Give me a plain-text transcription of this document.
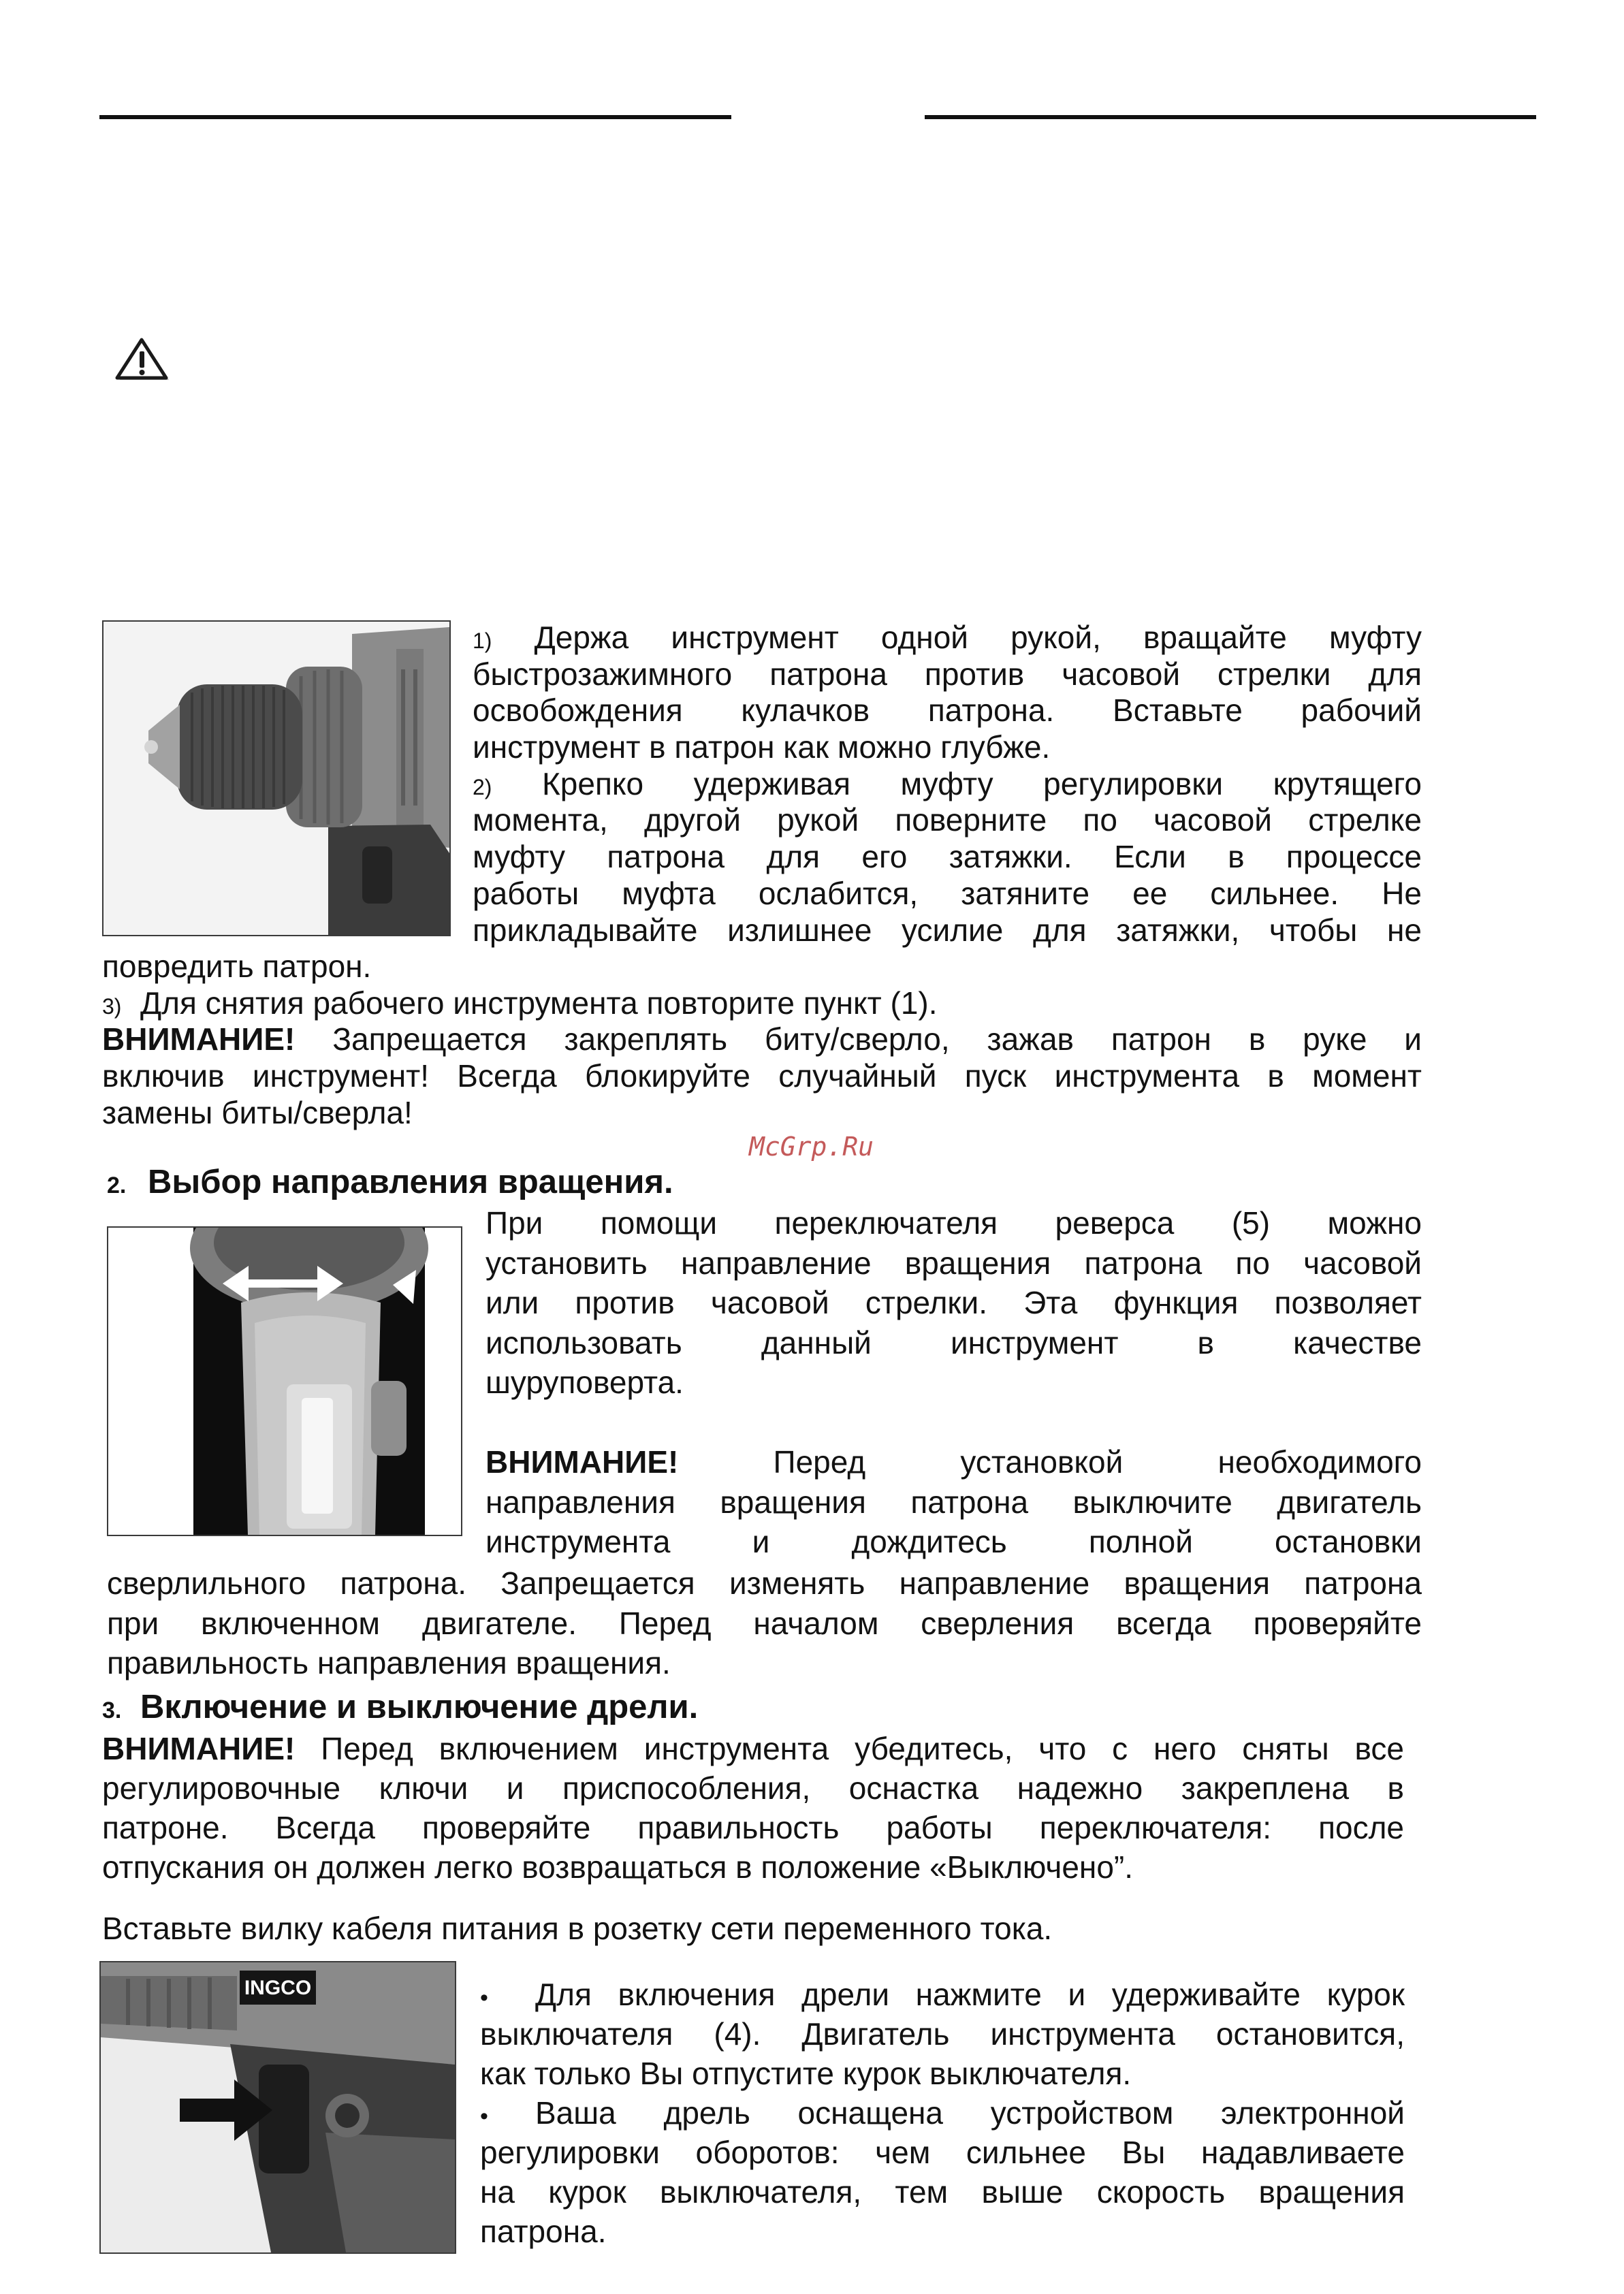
1) Держа инструмент одной рукой, вращайте муфту
быстрозажимного патрона против часовой стрелки для
освобождения кулачков патрона. Вставьте рабочий
инструмент в патрон как можно глубже.
2) Крепко удерживая муфту регулировки крутящего
момента, другой рукой поверните по часовой стрелке
муфту патрона для его затяжки. Если в процессе
работы муфта ослабится, затяните ее сильнее. Не
прикладывайте излишнее усилие для затяжки, чтобы не
повредить патрон.
3) Для снятия рабочего инструмента повторите пункт (1).
ВНИМАНИЕ! Запрещается закреплять биту/сверло, зажав патрон в руке и
включив инструмент! Всегда блокируйте случайный пуск инструмента в момент
замены биты/сверла!
McGrp.Ru
2. Выбор направления вращения.
При помощи переключателя реверса (5) можно
установить направление вращения патрона по часовой
или против часовой стрелки. Эта функция позволяет
использовать данный инструмент в качестве
шуруповерта.
ВНИМАНИЕ!	Перед установкой необходимого
направления вращения патрона выключите двигатель
инструмента и дождитесь полной остановки
сверлильного патрона. Запрещается изменять направление вращения патрона
при включенном двигателе. Перед началом сверления всегда проверяйте
правильность направления вращения.
3. Включение и выключение дрели.
ВНИМАНИЕ! Перед включением инструмента убедитесь, что с него сняты все
регулировочные ключи и приспособления, оснастка надежно закреплена в
патроне. Всегда проверяйте правильность работы переключателя: после
отпускания он должен легко возвращаться в положение «Выключено”.
Вставьте вилку кабеля питания в розетку сети переменного тока.
INGCO	• Для включения дрели нажмите и удерживайте курок
выключателя (4). Двигатель инструмента остановится,
как только Вы отпустите курок выключателя.
• Ваша дрель оснащена устройством электронной
регулировки оборотов: чем сильнее Вы надавливаете
на курок выключателя, тем выше скорость вращения
патрона.
